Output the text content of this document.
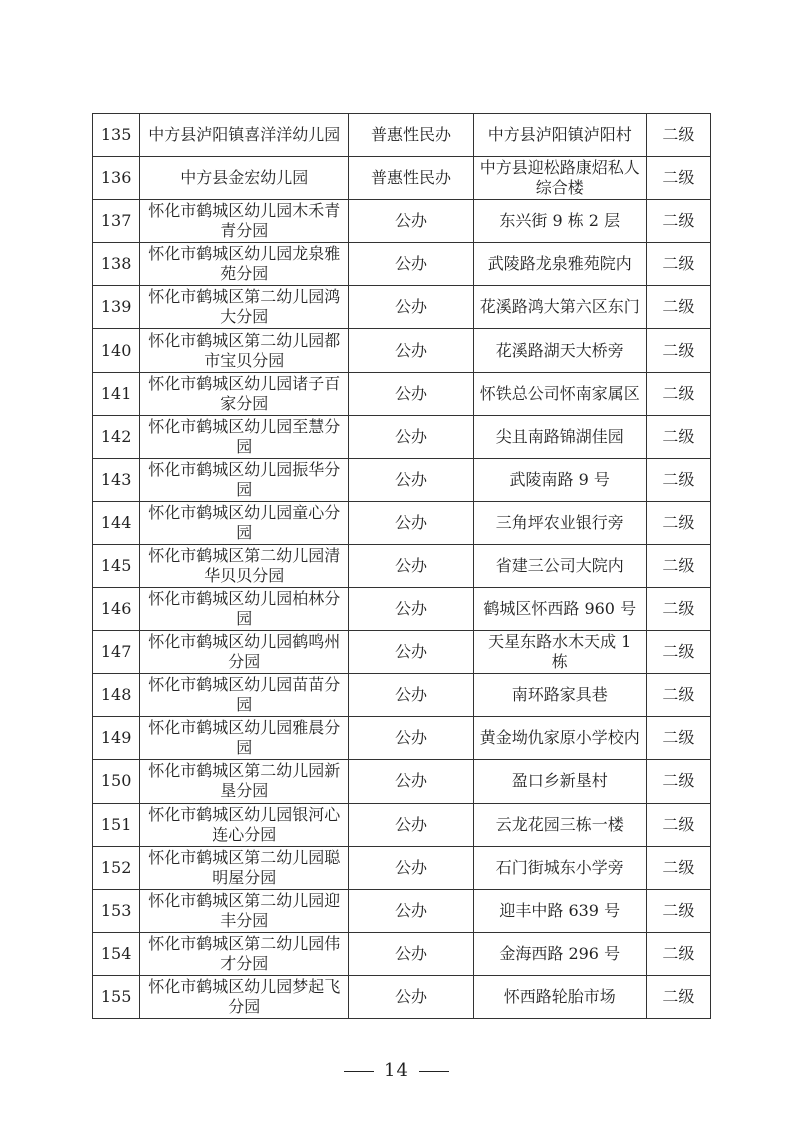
135	中方县泸阳镇喜洋洋幼儿园	普惠性民办	中方县泸阳镇泸阳村	二级
136	中方县金宏幼儿园	普惠性民办	中方县迎松路康炤私人综合楼	二级
137	怀化市鹤城区幼儿园木禾青青分园	公办	东兴街 9 栋 2 层	二级
138	怀化市鹤城区幼儿园龙泉雅苑分园	公办	武陵路龙泉雅苑院内	二级
139	怀化市鹤城区第二幼儿园鸿大分园	公办	花溪路鸿大第六区东门	二级
140	怀化市鹤城区第二幼儿园都市宝贝分园	公办	花溪路湖天大桥旁	二级
141	怀化市鹤城区幼儿园诸子百家分园	公办	怀铁总公司怀南家属区	二级
142	怀化市鹤城区幼儿园至慧分园	公办	尖且南路锦湖佳园	二级
143	怀化市鹤城区幼儿园振华分园	公办	武陵南路 9 号	二级
144	怀化市鹤城区幼儿园童心分园	公办	三角坪农业银行旁	二级
145	怀化市鹤城区第二幼儿园清华贝贝分园	公办	省建三公司大院内	二级
146	怀化市鹤城区幼儿园柏林分园	公办	鹤城区怀西路 960 号	二级
147	怀化市鹤城区幼儿园鹤鸣州分园	公办	天星东路水木天成 1 栋	二级
148	怀化市鹤城区幼儿园苗苗分园	公办	南环路家具巷	二级
149	怀化市鹤城区幼儿园雅晨分园	公办	黄金坳仇家原小学校内	二级
150	怀化市鹤城区第二幼儿园新垦分园	公办	盈口乡新垦村	二级
151	怀化市鹤城区幼儿园银河心连心分园	公办	云龙花园三栋一楼	二级
152	怀化市鹤城区第二幼儿园聪明屋分园	公办	石门街城东小学旁	二级
153	怀化市鹤城区第二幼儿园迎丰分园	公办	迎丰中路 639 号	二级
154	怀化市鹤城区第二幼儿园伟才分园	公办	金海西路 296 号	二级
155	怀化市鹤城区幼儿园梦起飞分园	公办	怀西路轮胎市场	二级
14
